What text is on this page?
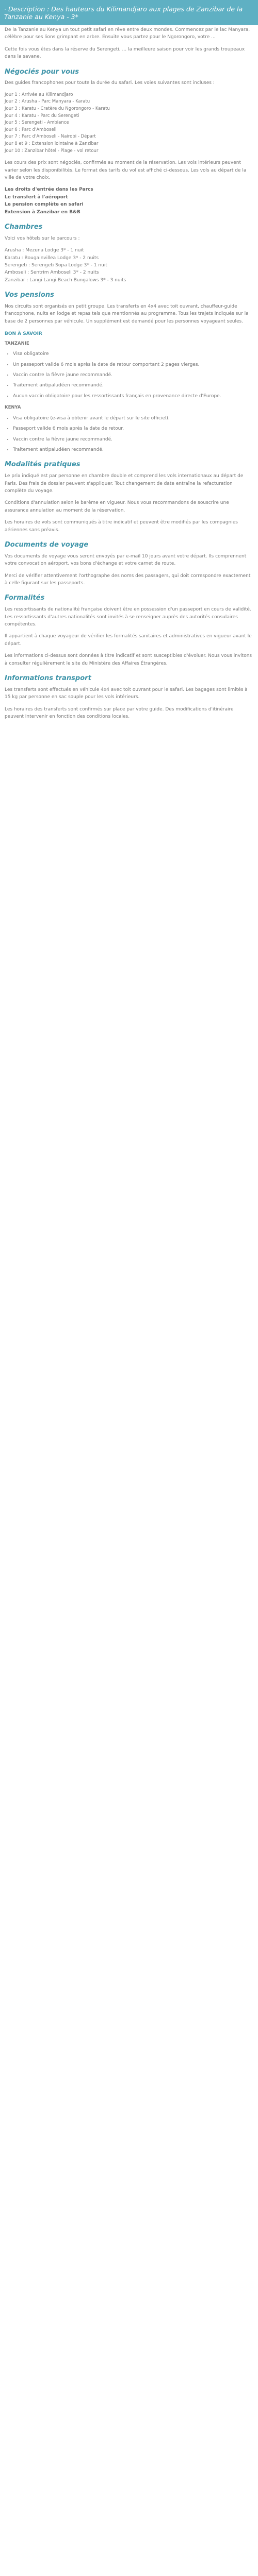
· Description : Des hauteurs du Kilimandjaro aux plages de Zanzibar de la Tanzanie au Kenya - 3*

De la Tanzanie au Kenya un tout petit safari en rêve entre deux mondes. Commencez par le lac Manyara, célèbre pour ses lions grimpant en arbre. Ensuite vous partez pour le Ngorongoro, votre ...

Cette fois vous êtes dans la réserve du Serengeti, ... la meilleure saison pour voir les grands troupeaux dans la savane.

Négociés pour vous

Des guides francophones pour toute la durée du safari. Les voies suivantes sont incluses :

Jour 1 : Arrivée au Kilimandjaro
Jour 2 : Arusha - Parc Manyara - Karatu
Jour 3 : Karatu - Cratère du Ngorongoro - Karatu
Jour 4 : Karatu - Parc du Serengeti
Jour 5 : Serengeti - Ambiance
Jour 6 : Parc d'Amboseli
Jour 7 : Parc d'Amboseli - Nairobi - Départ
Jour 8 et 9 : Extension lointaine à Zanzibar
Jour 10 : Zanzibar hôtel - Plage - vol retour

Les cours des prix sont négociés, confirmés au moment de la réservation. Les vols intérieurs peuvent varier selon les disponibilités. Le format des tarifs du vol est affiché ci-dessous. Les vols au départ de la ville de votre choix.

Les droits d'entrée dans les Parcs
Le transfert à l'aéroport
Le pension complète en safari
Extension à Zanzibar en B&B

Chambres

Voici vos hôtels sur le parcours :

Arusha : Mezuna Lodge 3* - 1 nuit
Karatu : Bougainvillea Lodge 3* - 2 nuits
Serengeti : Serengeti Sopa Lodge 3* - 1 nuit
Amboseli : Sentrim Amboseli 3* - 2 nuits
Zanzibar : Langi Langi Beach Bungalows 3* - 3 nuits

Vos pensions

Nos circuits sont organisés en petit groupe. Les transferts en 4x4 avec toit ouvrant, chauffeur-guide francophone, nuits en lodge et repas tels que mentionnés au programme. Tous les trajets indiqués sur la base de 2 personnes par véhicule. Un supplément est demandé pour les personnes voyageant seules.

BON À SAVOIR
TANZANIE
• Visa obligatoire
• Un passeport valide 6 mois après la date de retour comportant 2 pages vierges.
• Vaccin contre la fièvre jaune recommandé.
• Traitement antipaludéen recommandé.
• Aucun vaccin obligatoire pour les ressortissants français en provenance directe d'Europe.
KENYA
• Visa obligatoire (e-visa à obtenir avant le départ sur le site officiel).
• Passeport valide 6 mois après la date de retour.
• Vaccin contre la fièvre jaune recommandé.
• Traitement antipaludéen recommandé.
Modalités pratiques

Le prix indiqué est par personne en chambre double et comprend les vols internationaux au départ de Paris. Des frais de dossier peuvent s'appliquer. Tout changement de date entraîne la refacturation complète du voyage.

Conditions d'annulation selon le barème en vigueur. Nous vous recommandons de souscrire une assurance annulation au moment de la réservation.

Les horaires de vols sont communiqués à titre indicatif et peuvent être modifiés par les compagnies aériennes sans préavis.

Documents de voyage

Vos documents de voyage vous seront envoyés par e-mail 10 jours avant votre départ. Ils comprennent votre convocation aéroport, vos bons d'échange et votre carnet de route.

Merci de vérifier attentivement l'orthographe des noms des passagers, qui doit correspondre exactement à celle figurant sur les passeports.

Formalités

Les ressortissants de nationalité française doivent être en possession d'un passeport en cours de validité. Les ressortissants d'autres nationalités sont invités à se renseigner auprès des autorités consulaires compétentes.

Il appartient à chaque voyageur de vérifier les formalités sanitaires et administratives en vigueur avant le départ.

Les informations ci-dessus sont données à titre indicatif et sont susceptibles d'évoluer. Nous vous invitons à consulter régulièrement le site du Ministère des Affaires Étrangères.

Informations transport

Les transferts sont effectués en véhicule 4x4 avec toit ouvrant pour le safari. Les bagages sont limités à 15 kg par personne en sac souple pour les vols intérieurs.

Les horaires des transferts sont confirmés sur place par votre guide. Des modifications d'itinéraire peuvent intervenir en fonction des conditions locales.
